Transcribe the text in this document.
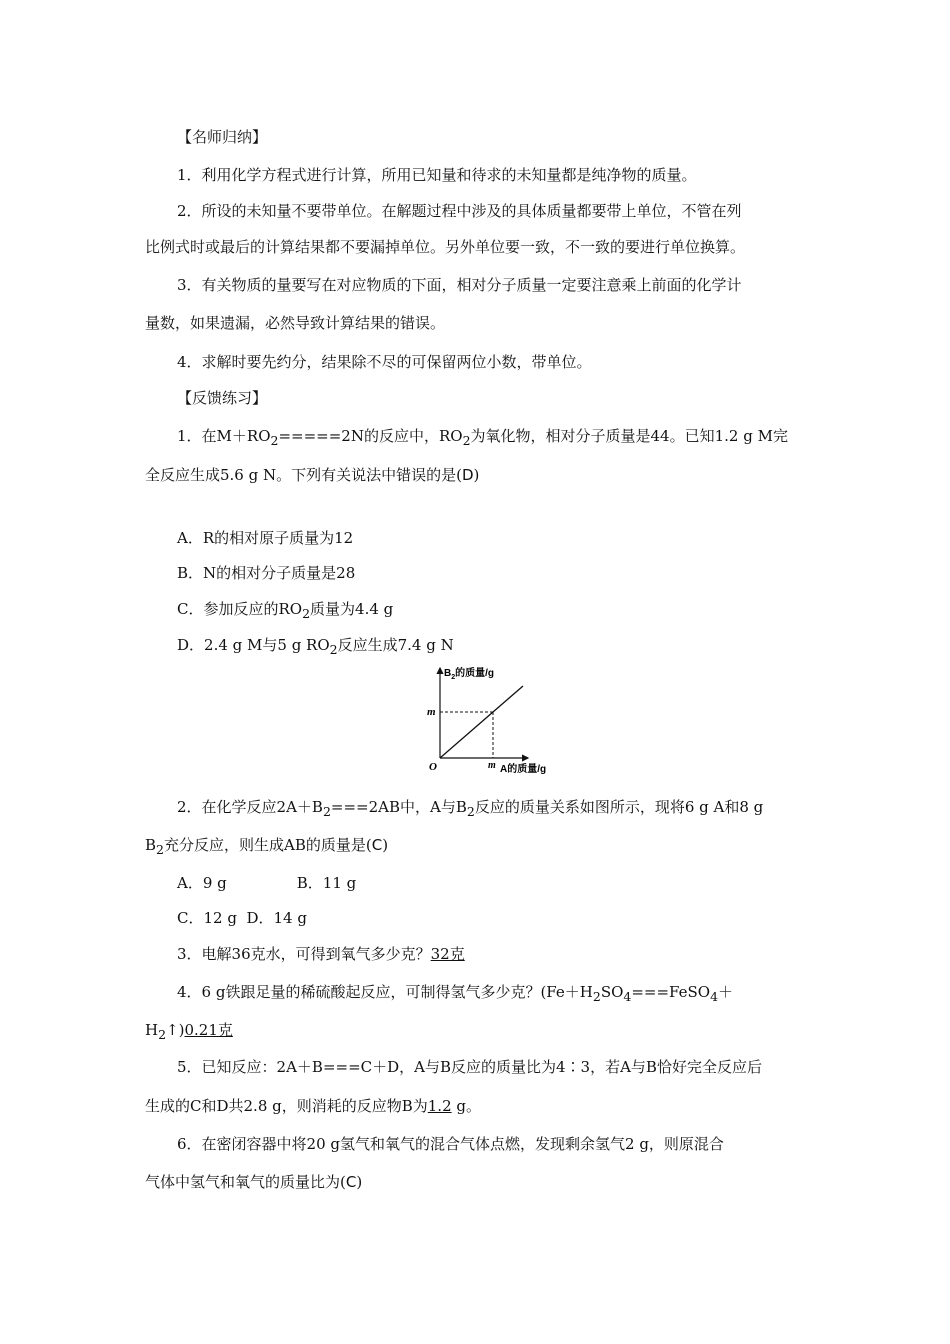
【名师归纳】
1．利用化学方程式进行计算，所用已知量和待求的未知量都是纯净物的质量。
2．所设的未知量不要带单位。在解题过程中涉及的具体质量都要带上单位，不管在列
比例式时或最后的计算结果都不要漏掉单位。另外单位要一致，不一致的要进行单位换算。
3．有关物质的量要写在对应物质的下面，相对分子质量一定要注意乘上前面的化学计
量数，如果遗漏，必然导致计算结果的错误。
4．求解时要先约分，结果除不尽的可保留两位小数，带单位。
【反馈练习】
1．在$M+RO_2=====2N$的反应中，$RO_2$为氧化物，相对分子质量是44。已知1.2 g M完
全反应生成5.6 g N。下列有关说法中错误的是(D)
A．R的相对原子质量为12
B．N的相对分子质量是28
C．参加反应的$RO_2$质量为4.4 g
D．2.4 g M与5 g $RO_2$反应生成7.4 g N
$B_2$的质量/g
m
O	m A的质量/g
2．在化学反应$2A+B_2===2AB$中，A与$B_2$反应的质量关系如图所示，现将6 g A和8 g
$B_2$充分反应，则生成AB的质量是(C)
A．9 g	B．11 g
C．12 g D．14 g
3．电解36克水，可得到氧气多少克？32克
4．6 g铁跟足量的稀硫酸起反应，可制得氢气多少克？($Fe+H_2SO_4===FeSO_4+$
$H_2↑)0.21$克
5．已知反应：2A＋B===C＋D，A与B反应的质量比为4∶3，若A与B恰好完全反应后
生成的C和D共2.8 g，则消耗的反应物B为1.2 g。
6．在密闭容器中将20 g氢气和氧气的混合气体点燃，发现剩余氢气2 g，则原混合
气体中氢气和氧气的质量比为(C)
